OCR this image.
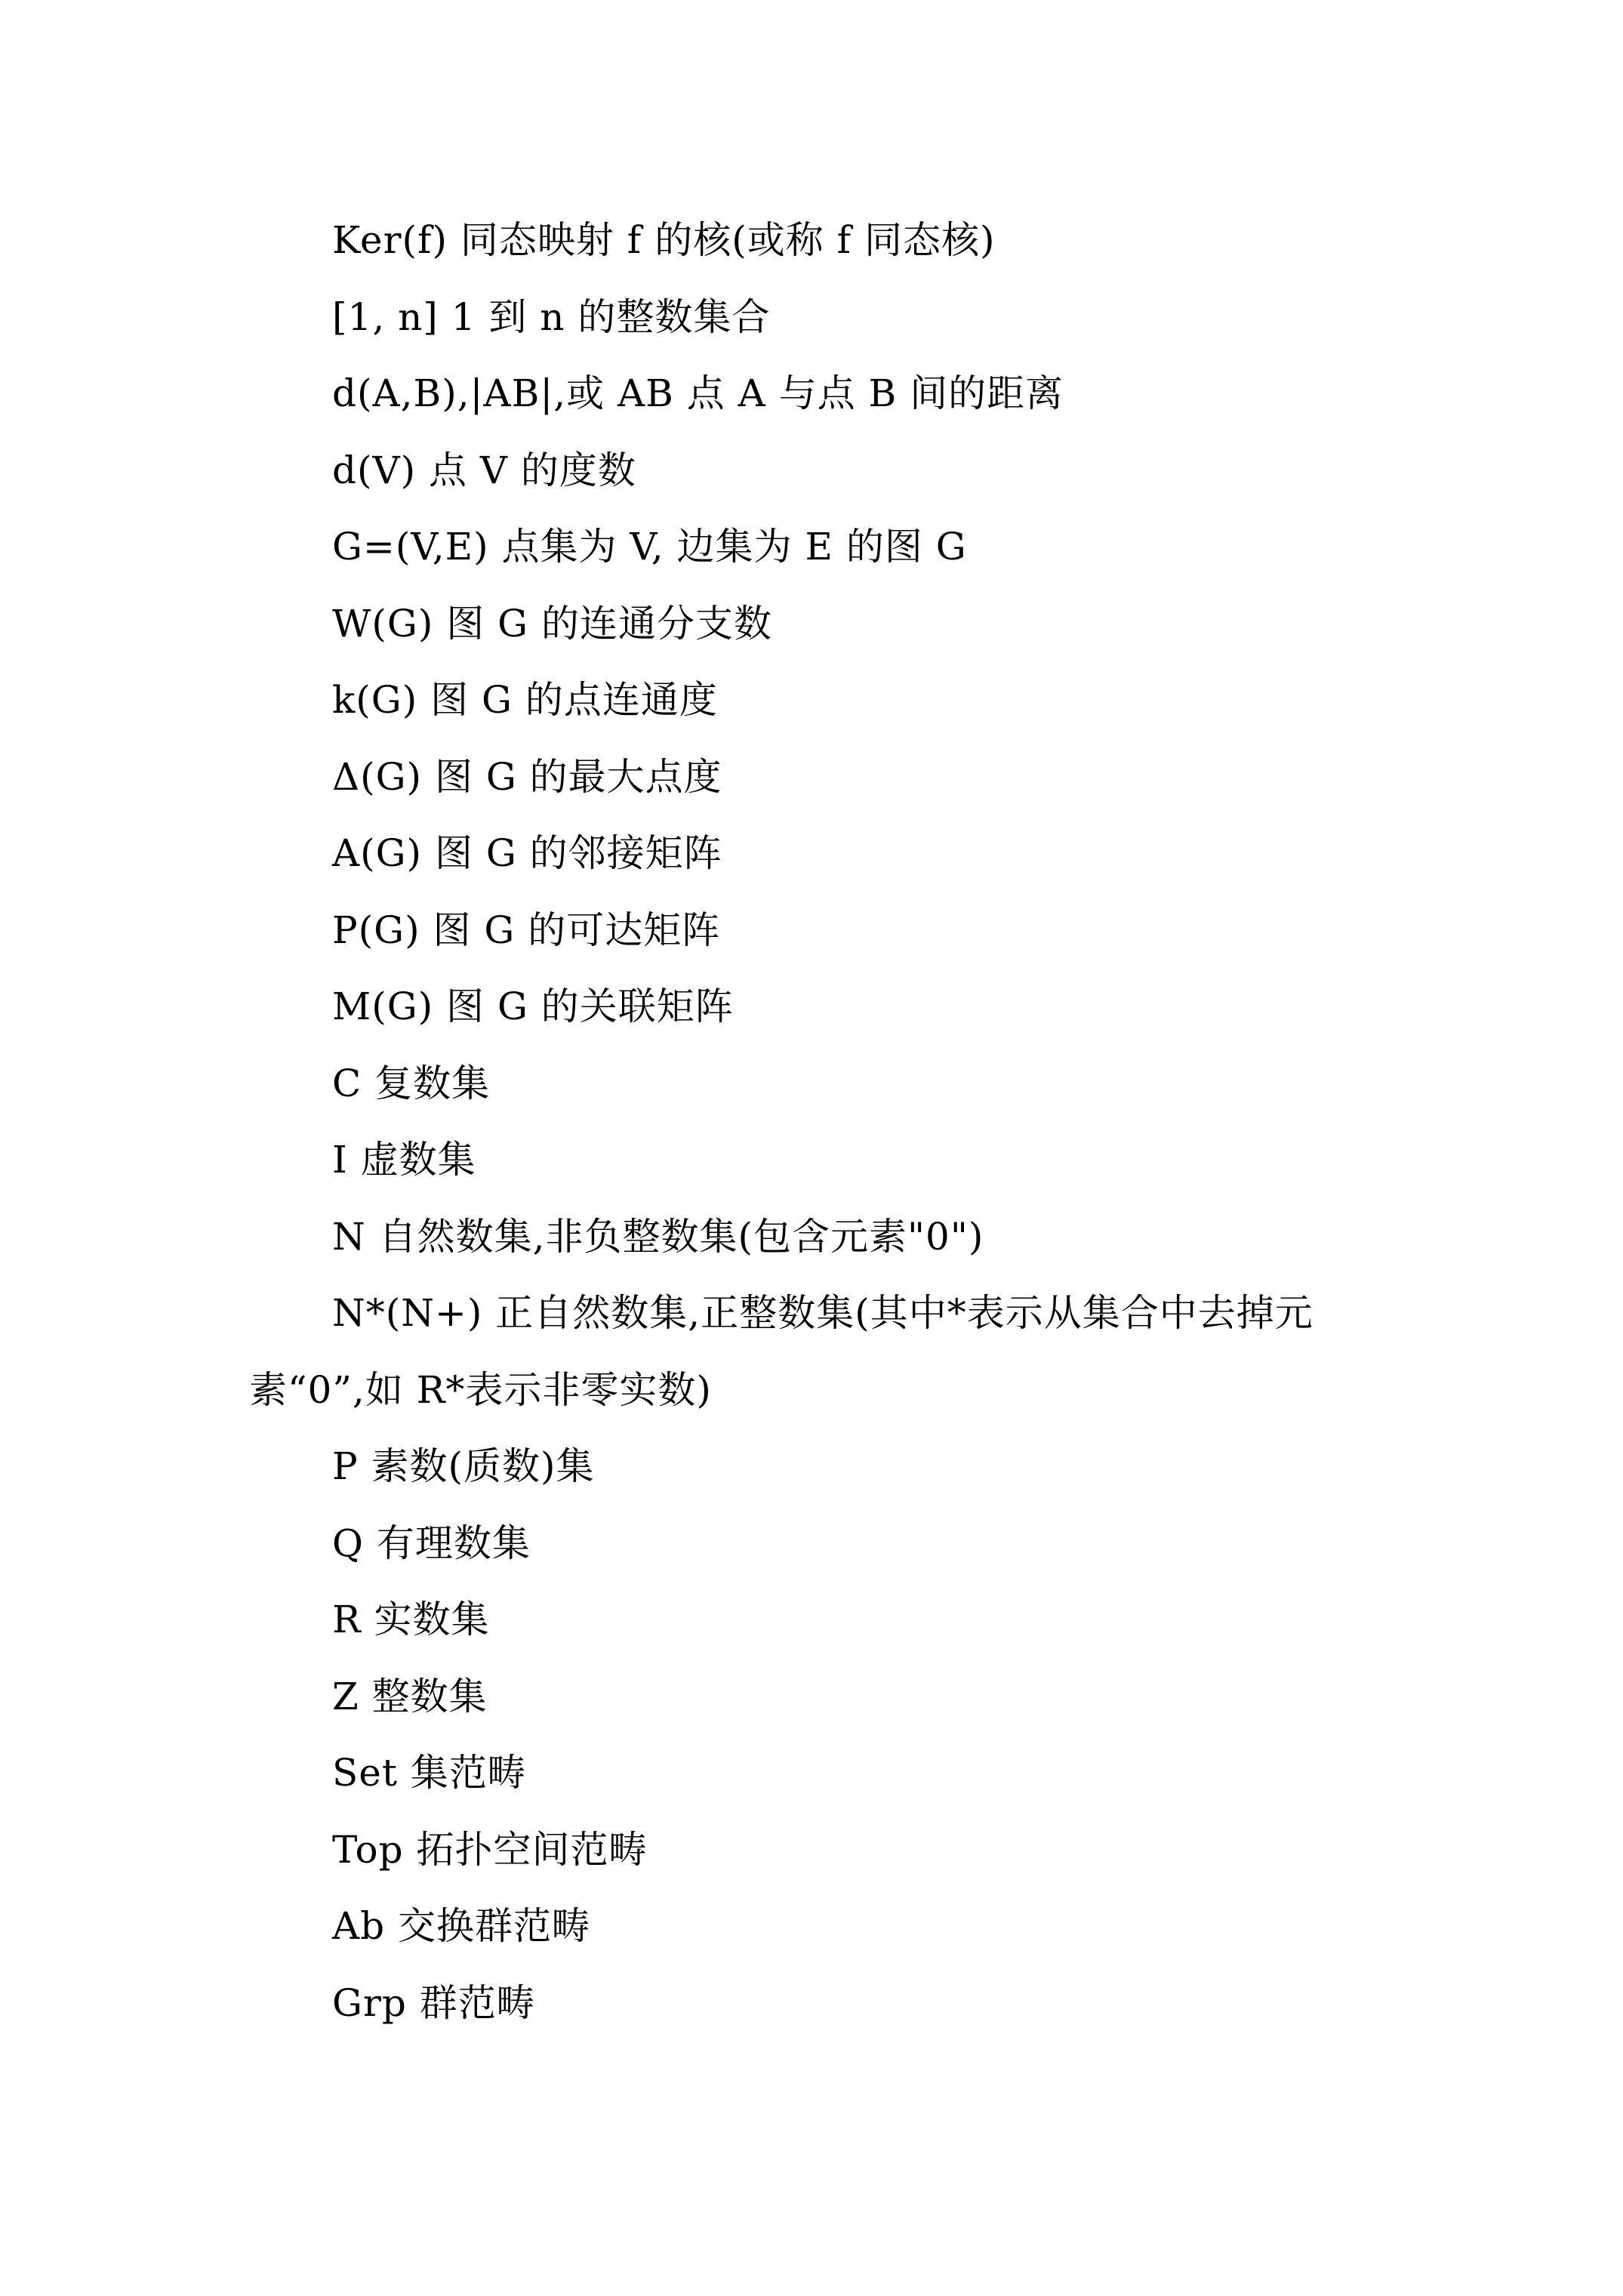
Ker(f) 同态映射 f 的核(或称 f 同态核)
[1, n] 1 到 n 的整数集合
d(A,B),|AB|,或 AB 点 A 与点 B 间的距离
d(V) 点 V 的度数
G=(V,E) 点集为 V, 边集为 E 的图 G
W(G) 图 G 的连通分支数
k(G) 图 G 的点连通度
Δ(G) 图 G 的最大点度
A(G) 图 G 的邻接矩阵
P(G) 图 G 的可达矩阵
M(G) 图 G 的关联矩阵
C 复数集
I 虚数集
N 自然数集,非负整数集(包含元素"0")
N*(N+) 正自然数集,正整数集(其中*表示从集合中去掉元素“0”,如 R*表示非零实数)
P 素数(质数)集
Q 有理数集
R 实数集
Z 整数集
Set 集范畴
Top 拓扑空间范畴
Ab 交换群范畴
Grp 群范畴
